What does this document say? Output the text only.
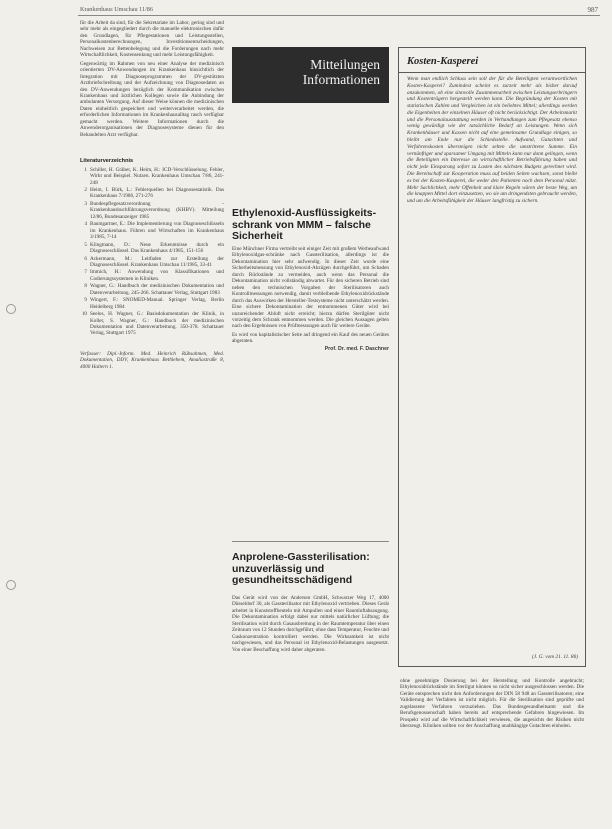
Krankenhaus Umschau 11/86	987

für die Arbeit da sind, für die Sekretariate im Labor, gering sind und sehr mehr als eingegliedert durch die manuelle elektronischen dafür den Grundlagen, für Pflegestationen und Leistungsstellen, Personalkostenberechnungen, Investitionsentscheidungen, Nachweisen zur Bettenbelegung und die Forderungen nach mehr Wirtschaftlichkeit, Kostensenkung und mehr Leistungsfähigkeit.

Gegenwärtig im Rahmen von neu einer Analyse der medizinisch orientierten DV-Anwendungen im Krankenhaus hinsichtlich der Integration mit Diagnoseprogrammen der DV-gestützten Arztbriefschreibung und der Aufzeichnung von Diagnosedaten an den DV-Anwendungen bezüglich der Kommunikation zwischen Krankenhaus und ärztlichen Kollegen sowie die Anbindung der ambulanten Versorgung. Auf dieser Weise können die medizinischen Daten einheitlich gespeichert und weiterverarbeitet werden, die erforderlichen Informationen im Krankenhausalltag rasch verfügbar gemacht werden. Weitere Informationen durch die Anwenderorganisationen der Diagnosesysteme dienen für den Behandelten Arzt verfügbar.

Literaturverzeichnis
1 Schiller, H. Gräber, K. Heim, H.: ICD-Verschlüsselung. Fehler, Wirkt und Beispiel. Nutzen. Krankenhaus Umschau 7/86, 241-248
2 Heim, I. Bürk, L.: Fehlerquellen bei Diagnosestatistik. Das Krankenhaus 7/1986, 271-276
3 Bundespflegesatzverordnung - Krankenhausbuchführungsverordnung (KHBV). Mitteilung 12/86, Bundesanzeiger 1985
4 Baumgartner, E.: Die Implementierung von Diagnoseschlüsseln im Krankenhaus. Führen und Wirtschaften im Krankenhaus 3/1985, 7-14
5 Klingmann, D.: Neue Erkenntnisse durch ein Diagnoseschlüssel. Das Krankenhaus 4/1985, 151-156
6 Ackermann, M.: Leitfaden zur Erstellung der Diagnoseschlüssel. Krankenhaus Umschau 11/1985, 33-41
7 Immich, H.: Anwendung von Klassifikationen und Codierungssystemen in Kliniken.
8 Wagner, G.: Handbuch der medizinischen Dokumentation und Datenverarbeitung. 245-266. Schattauer Verlag, Stuttgart 1983
9 Wingert, F.: SNOMED-Manual. Springer Verlag, Berlin Heidelberg 1984
10 Seelos, H. Wagner, G.: Basisdokumentation der Klinik, in Koller, S. Wagner, G.: Handbuch der medizinischen Dokumentation und Datenverarbeitung. 350-378. Schattauer Verlag, Stuttgart 1975

Verfasser: Dipl.-Inform. Med. Heinrich Rübsahmen, Med. Dokumentation, DDV, Krankenhaus Bethlehem, Amaliastraße 8, 4000 Haltern 1.

Mitteilungen
Informationen
Ethylenoxid-Ausflüssigkeits-schrank von MMM – falsche Sicherheit

Eine Münchner Firma vertreibt seit einiger Zeit mit großem Werbeaufwand Ethylenoxidgas-schränke nach Gassterilisation, allerdings ist die Dekontamination hier sehr aufwendig. In dieser Zeit wurde eine Sicherheitsmessung von Ethylenoxid-Abzügen durchgeführt, um Schaden durch Rückstände zu vermeiden, auch wenn das Personal die Dekontamination nicht vollständig abwartet. Für den sicheren Betrieb sind neben den technischen Vorgaben der Sterilisatoren auch Kontrollmessungen notwendig, damit verbleibende Ethylenoxidrückstände durch das Auswirken der Hersteller-Testsysteme nicht unterschätzt werden. Eine sichere Dekontamination der entnommenen Güter wird bei unzureichender Abluft nicht erreicht; hierzu dürfen Sterilgüter nicht vorzeitig dem Schrank entnommen werden. Die gleichen Aussagen gelten nach den Ergebnissen von Prüfmessungen auch für weitere Geräte.

Es wird von kapitalistischer Seite auf dringend ein Kauf des neuen Gerätes abgeraten.

Prof. Dr. med. F. Daschner
Anprolene-Gassterilisation: unzuverlässig und gesundheitsschädigend

Das Gerät wird von der Andersen GmbH, Schwarzer Weg 17, 4000 Düsseldorf 30, als Gassterilisator mit Ethylenoxid vertrieben. Dieses Gerät arbeitet in Kunststoffbeuteln mit Ampullen und einer Raumluftabsaugung. Die Dekontamination erfolgt dabei nur mittels natürlicher Lüftung; die Sterilisation wird durch Gasausbreitung in der Raumtemperatur über einen Zeitraum von 12 Stunden durchgeführt, ohne dass Temperatur, Feuchte und Gaskonzentration kontrolliert werden. Die Wirksamkeit ist nicht nachgewiesen, und das Personal ist Ethylenoxid-Belastungen ausgesetzt. Von einer Beschaffung wird daher abgeraten.

Kosten-Kasperei
Wenn man endlich Schluss sein soll der für die Beteiligten verantwortlichen Kosten-Kasperei? Zumindest scheint es zurzeit mehr als bisher darauf anzukommen, ob eine sinnvolle Zusammenarbeit zwischen Leistungserbringern und Kostenträgern hergestellt werden kann. Die Begründung der Kosten mit statistischen Zahlen und Vergleichen ist ein beliebtes Mittel; allerdings werden die Eigenheiten der einzelnen Häuser oft nicht berücksichtigt. Der Arbeitsmarkt und die Personalausstattung werden in Verhandlungen zum Pflegesatz ebenso wenig gewürdigt wie der tatsächliche Bedarf an Leistungen. Wenn sich Krankenhäuser und Kassen nicht auf eine gemeinsame Grundlage einigen, so bleibt am Ende nur die Schiedsstelle. Aufwand, Gutachten und Verfahrenskosten übersteigen nicht selten die umstrittene Summe. Ein vernünftiger und sparsamer Umgang mit Mitteln kann nur dann gelingen, wenn die Beteiligten ein Interesse an wirtschaftlicher Betriebsführung haben und nicht jede Einsparung sofort zu Lasten des nächsten Budgets gerechnet wird. Die Bereitschaft zur Kooperation muss auf beiden Seiten wachsen, sonst bleibt es bei der Kosten-Kasperei, die weder den Patienten noch dem Personal nützt. Mehr Sachlichkeit, mehr Offenheit und klare Regeln wären der beste Weg, um die knappen Mittel dort einzusetzen, wo sie am dringendsten gebraucht werden, und um die Arbeitsfähigkeit der Häuser langfristig zu sichern.
(J. G. vom 21. 11. 86)

ohne genehmigte Dosierung bei der Herstellung und Kontrolle angebracht; Ethylenoxidrückstände im Sterilgut können so nicht sicher ausgeschlossen werden. Die Geräte entsprechen nicht den Anforderungen der DIN 58 948 an Gassterilisatoren; eine Validierung der Verfahren ist nicht möglich. Für die Sterilisation sind geprüfte und zugelassene Verfahren vorzuziehen. Das Bundesgesundheitsamt und die Berufsgenossenschaft haben bereits auf entsprechende Gefahren hingewiesen. Im Prospekt wird auf die Wirtschaftlichkeit verwiesen, die angesichts der Risiken nicht überzeugt. Kliniken sollten vor der Anschaffung unabhängige Gutachten einholen.
